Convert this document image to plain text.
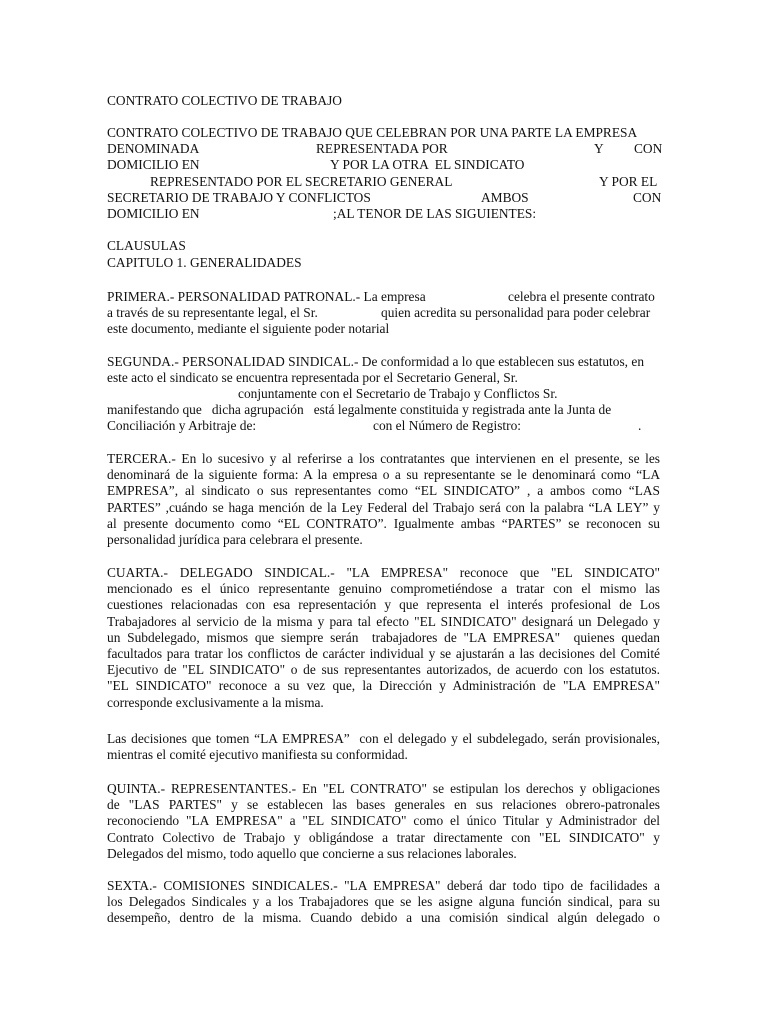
CONTRATO COLECTIVO DE TRABAJO
CONTRATO COLECTIVO DE TRABAJO QUE CELEBRAN POR UNA PARTE LA EMPRESA
DENOMINADA	REPRESENTADA POR	Y CON
DOMICILIO EN	Y POR LA OTRA  EL SINDICATO
REPRESENTADO POR EL SECRETARIO GENERAL	Y POR EL
SECRETARIO DE TRABAJO Y CONFLICTOS	AMBOS	CON
DOMICILIO EN	;AL TENOR DE LAS SIGUIENTES:
CLAUSULAS
CAPITULO 1. GENERALIDADES
PRIMERA.- PERSONALIDAD PATRONAL.- La empresa	celebra el presente contrato
a través de su representante legal, el Sr.	quien acredita su personalidad para poder celebrar
este documento, mediante el siguiente poder notarial
SEGUNDA.- PERSONALIDAD SINDICAL.- De conformidad a lo que establecen sus estatutos, en
este acto el sindicato se encuentra representada por el Secretario General, Sr.
conjuntamente con el Secretario de Trabajo y Conflictos Sr.
manifestando que   dicha agrupación   está legalmente constituida y registrada ante la Junta de
Conciliación y Arbitraje de:	con el Número de Registro:	.
TERCERA.- En lo sucesivo y al referirse a los contratantes que intervienen en el presente, se les
denominará de la siguiente forma: A la empresa o a su representante se le denominará como “LA
EMPRESA”, al sindicato o sus representantes como “EL SINDICATO” , a ambos como “LAS
PARTES” ,cuándo se haga mención de la Ley Federal del Trabajo será con la palabra “LA LEY” y
al presente documento como “EL CONTRATO”. Igualmente ambas “PARTES” se reconocen su
personalidad jurídica para celebrara el presente.
CUARTA.- DELEGADO SINDICAL.- "LA EMPRESA" reconoce que "EL SINDICATO"
mencionado es el único representante genuino comprometiéndose a tratar con el mismo las
cuestiones relacionadas con esa representación y que representa el interés profesional de Los
Trabajadores al servicio de la misma y para tal efecto "EL SINDICATO" designará un Delegado y
un Subdelegado, mismos que siempre serán  trabajadores de "LA EMPRESA"  quienes quedan
facultados para tratar los conflictos de carácter individual y se ajustarán a las decisiones del Comité
Ejecutivo de "EL SINDICATO" o de sus representantes autorizados, de acuerdo con los estatutos.
"EL SINDICATO" reconoce a su vez que, la Dirección y Administración de "LA EMPRESA"
corresponde exclusivamente a la misma.
Las decisiones que tomen “LA EMPRESA”  con el delegado y el subdelegado, serán provisionales,
mientras el comité ejecutivo manifiesta su conformidad.
QUINTA.- REPRESENTANTES.- En "EL CONTRATO" se estipulan los derechos y obligaciones
de "LAS PARTES" y se establecen las bases generales en sus relaciones obrero-patronales
reconociendo "LA EMPRESA" a "EL SINDICATO" como el único Titular y Administrador del
Contrato Colectivo de Trabajo y obligándose a tratar directamente con "EL SINDICATO" y
Delegados del mismo, todo aquello que concierne a sus relaciones laborales.
SEXTA.- COMISIONES SINDICALES.- "LA EMPRESA" deberá dar todo tipo de facilidades a
los Delegados Sindicales y a los Trabajadores que se les asigne alguna función sindical, para su
desempeño, dentro de la misma. Cuando debido a una comisión sindical algún delegado o
